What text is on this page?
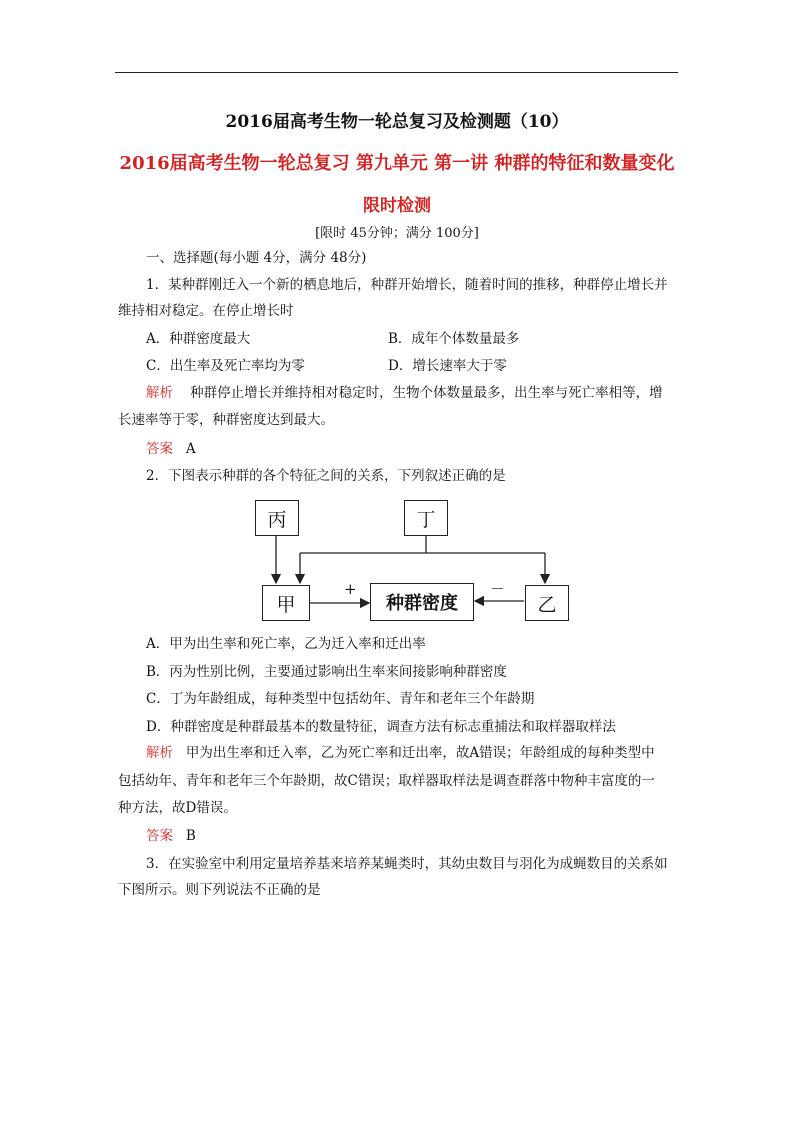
2016届高考生物一轮总复习及检测题（10）
2016届高考生物一轮总复习 第九单元 第一讲 种群的特征和数量变化
限时检测
[限时 45分钟；满分 100分]
一、选择题(每小题 4分，满分 48分)
1．某种群刚迁入一个新的栖息地后，种群开始增长，随着时间的推移，种群停止增长并
维持相对稳定。在停止增长时
A．种群密度最大	B．成年个体数量最多
C．出生率及死亡率均为零	D．增长速率大于零
解析 种群停止增长并维持相对稳定时，生物个体数量最多，出生率与死亡率相等，增
长速率等于零，种群密度达到最大。
答案 A
2．下图表示种群的各个特征之间的关系，下列叙述正确的是
丙	丁
甲	种群密度	乙
+	－
A．甲为出生率和死亡率，乙为迁入率和迁出率
B．丙为性别比例，主要通过影响出生率来间接影响种群密度
C．丁为年龄组成，每种类型中包括幼年、青年和老年三个年龄期
D．种群密度是种群最基本的数量特征，调查方法有标志重捕法和取样器取样法
解析 甲为出生率和迁入率，乙为死亡率和迁出率，故A错误；年龄组成的每种类型中
包括幼年、青年和老年三个年龄期，故C错误；取样器取样法是调查群落中物种丰富度的一
种方法，故D错误。
答案 B
3．在实验室中利用定量培养基来培养某蝇类时，其幼虫数目与羽化为成蝇数目的关系如
下图所示。则下列说法不正确的是
